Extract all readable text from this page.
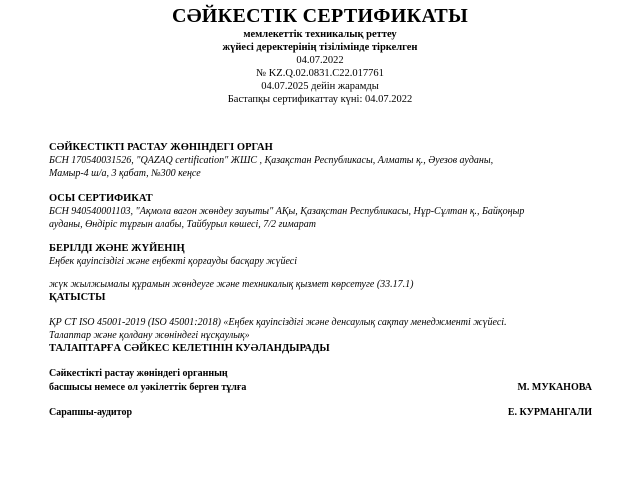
СӘЙКЕСТІК СЕРТИФИКАТЫ
мемлекеттік техникалық реттеу
жүйесі деректерінің тізілімінде тіркелген
04.07.2022
№ KZ.Q.02.0831.C22.017761
04.07.2025 дейін жарамды
Бастапқы сертификаттау күні: 04.07.2022
СӘЙКЕСТІКТІ РАСТАУ ЖӨНІНДЕГІ ОРГАН
БСН 170540031526, "QAZAQ certification" ЖШС , Қазақстан Республикасы, Алматы қ., Әуезов ауданы,
Мамыр-4 ш/а, 3 қабат, №300 кеңсе
ОСЫ СЕРТИФИКАТ
БСН 940540001103, "Ақмола вагон жөндеу зауыты" АҚы, Қазақстан Республикасы, Нұр-Сұлтан қ., Байқоңыр
ауданы, Өндіріс тұрғын алабы, Тайбурыл көшесі, 7/2 ғимарат
БЕРІЛДІ ЖӘНЕ ЖҮЙЕНІҢ
Еңбек қауіпсіздігі және еңбекті қорғауды басқару жүйесі
жүк жылжымалы құрамын жөндеуге және техникалық қызмет көрсетуге (33.17.1)
ҚАТЫСТЫ
ҚР СТ ISO 45001-2019 (ISO 45001:2018) «Еңбек қауіпсіздігі және денсаулық сақтау менеджменті жүйесі.
Талаптар және қолдану жөніндегі нұсқаулық»
ТАЛАПТАРҒА СӘЙКЕС КЕЛЕТІНІН КУӘЛАНДЫРАДЫ
Сәйкестікті растау жөніндегі органның
басшысы немесе ол уәкілеттік берген тұлға	М. МУКАНОВА
Сарапшы-аудитор	Е. КУРМАНГАЛИ
